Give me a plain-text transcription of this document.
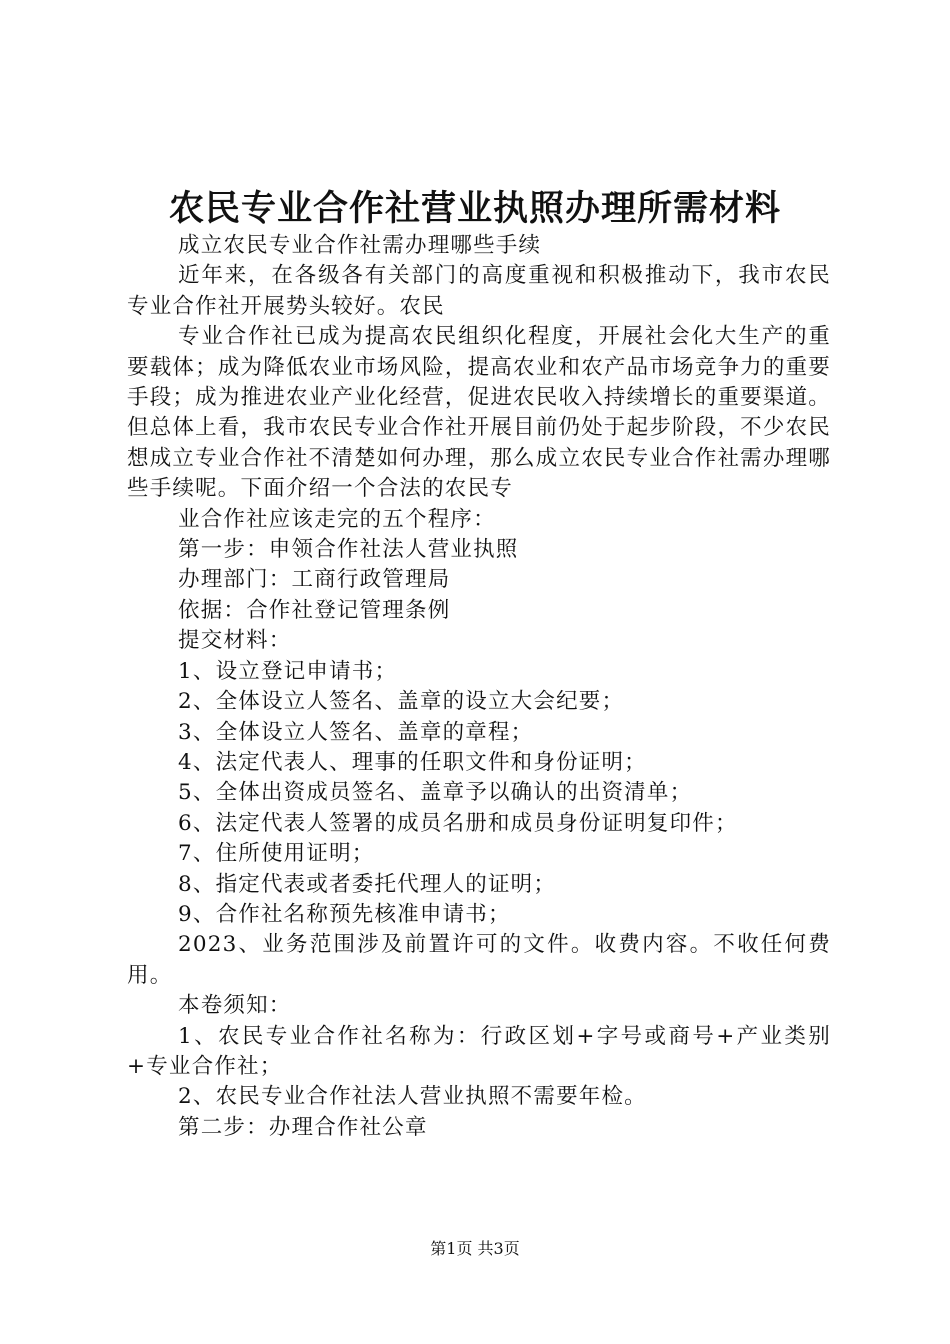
农民专业合作社营业执照办理所需材料

成立农民专业合作社需办理哪些手续

近年来，在各级各有关部门的高度重视和积极推动下，我市农民专业合作社开展势头较好。农民

专业合作社已成为提高农民组织化程度，开展社会化大生产的重要载体；成为降低农业市场风险，提高农业和农产品市场竞争力的重要手段；成为推进农业产业化经营，促进农民收入持续增长的重要渠道。但总体上看，我市农民专业合作社开展目前仍处于起步阶段，不少农民想成立专业合作社不清楚如何办理，那么成立农民专业合作社需办理哪些手续呢。下面介绍一个合法的农民专

业合作社应该走完的五个程序：

第一步：申领合作社法人营业执照

办理部门：工商行政管理局

依据：合作社登记管理条例

提交材料：

1、设立登记申请书；

2、全体设立人签名、盖章的设立大会纪要；

3、全体设立人签名、盖章的章程；

4、法定代表人、理事的任职文件和身份证明；

5、全体出资成员签名、盖章予以确认的出资清单；

6、法定代表人签署的成员名册和成员身份证明复印件；

7、住所使用证明；

8、指定代表或者委托代理人的证明；

9、合作社名称预先核准申请书；

2023、业务范围涉及前置许可的文件。收费内容。不收任何费用。

本卷须知：

1、农民专业合作社名称为：行政区划+字号或商号+产业类别+专业合作社；

2、农民专业合作社法人营业执照不需要年检。

第二步：办理合作社公章

第1页 共3页
